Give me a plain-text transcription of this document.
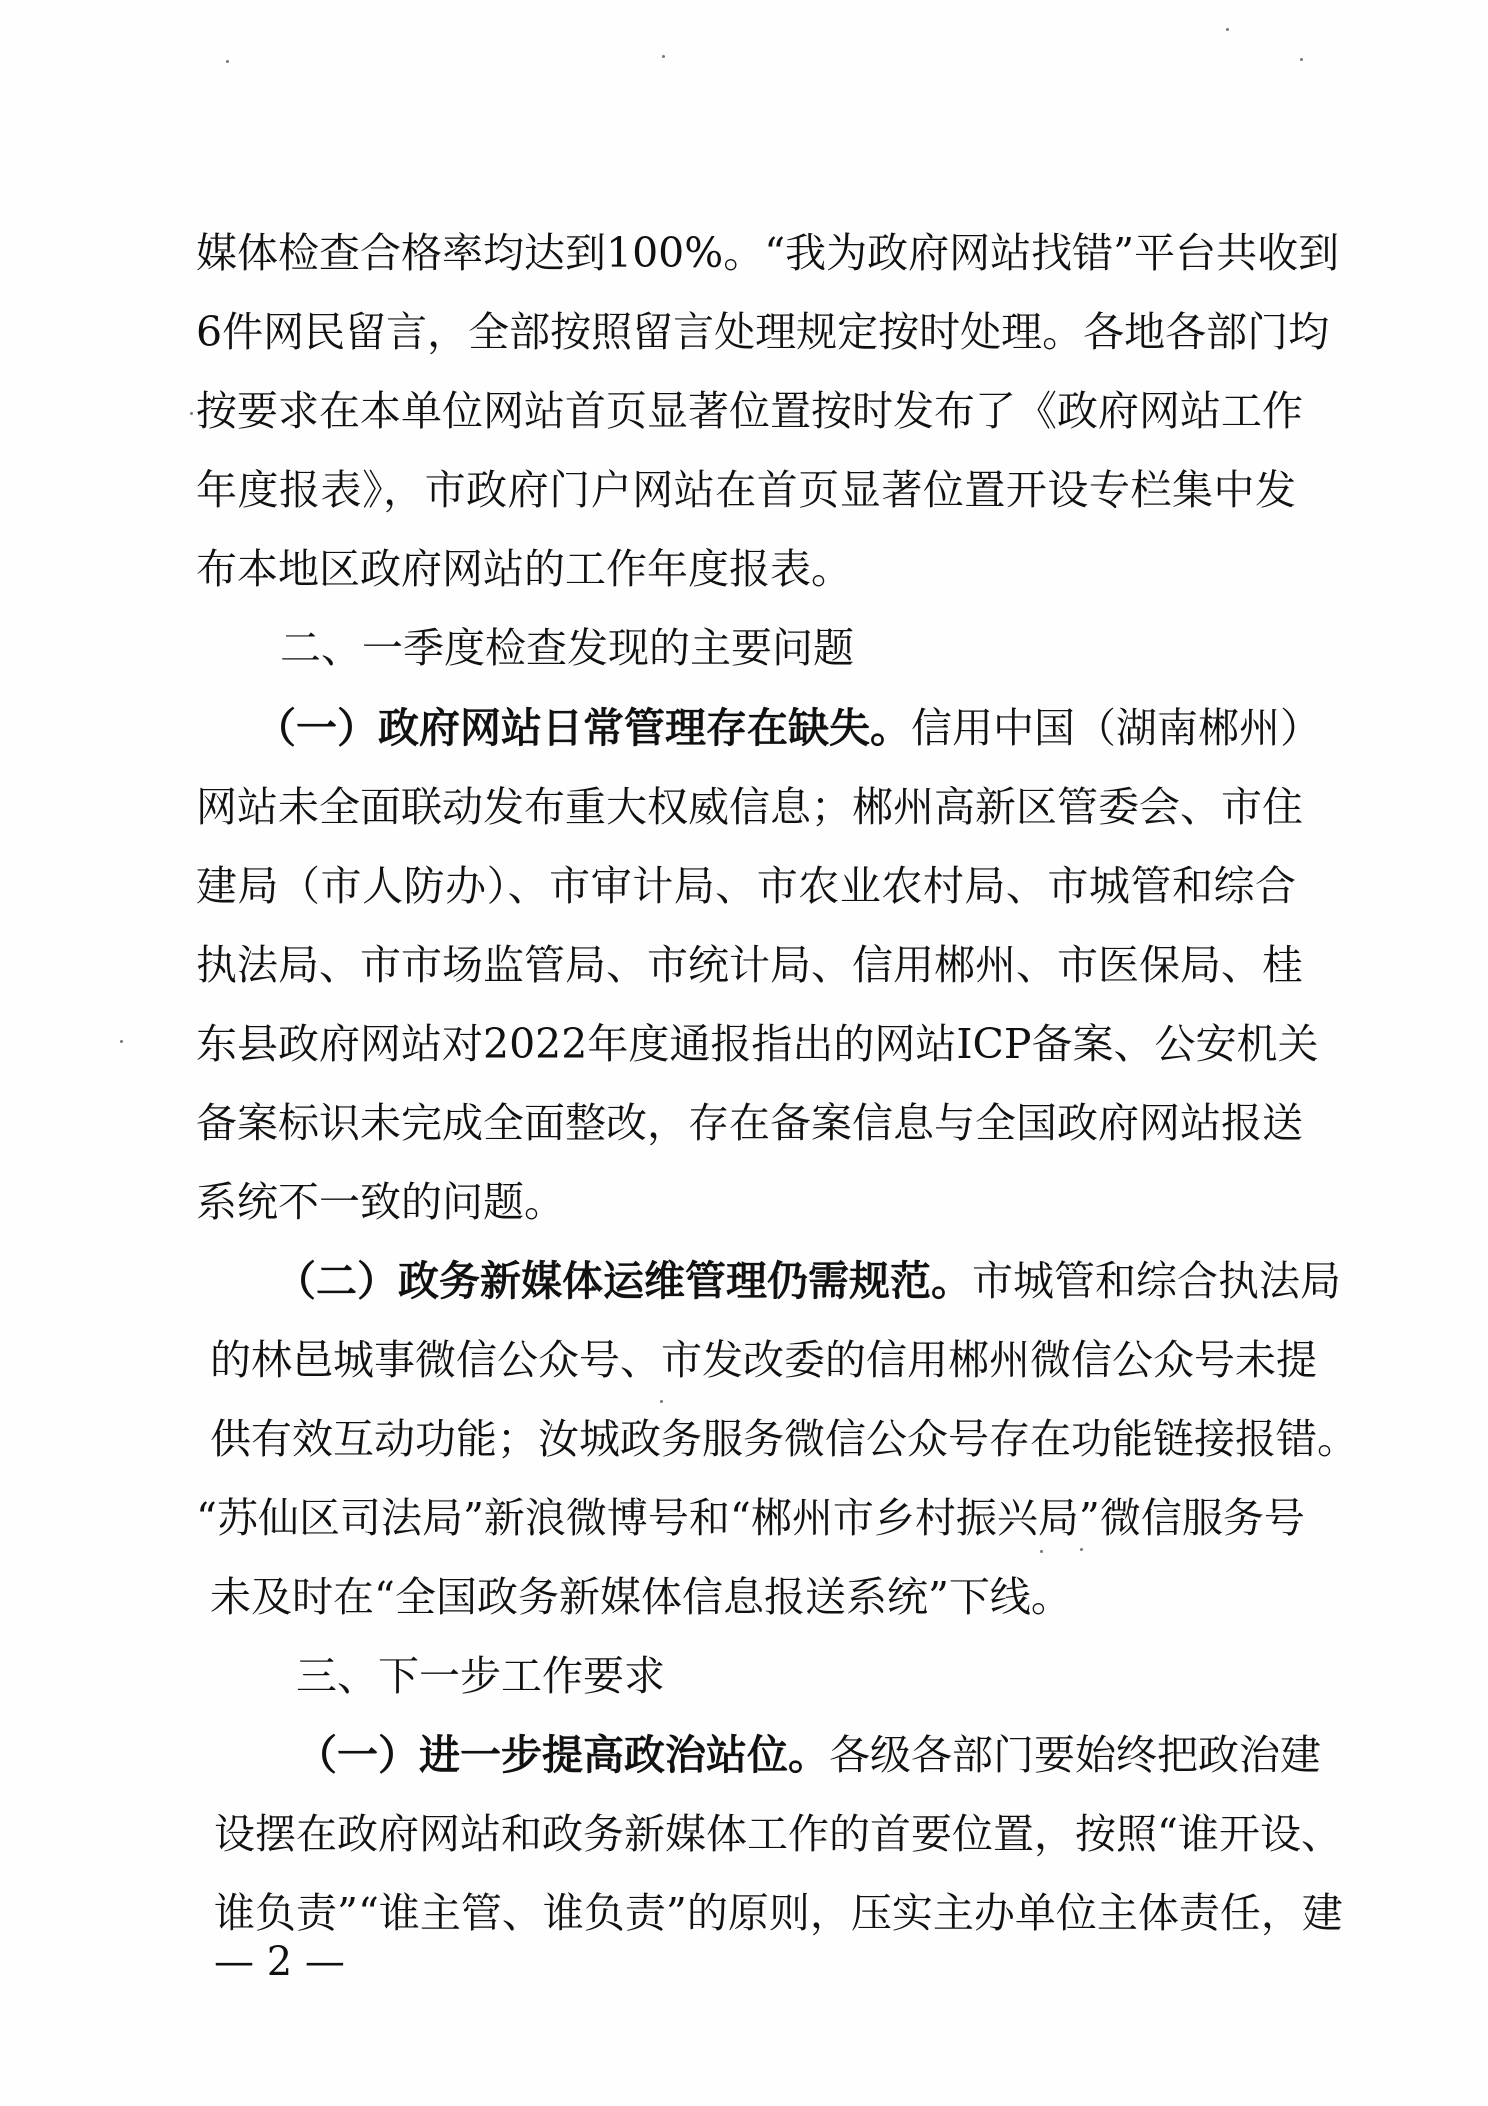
媒体检查合格率均达到100%。“我为政府网站找错”平台共收到
6件网民留言，全部按照留言处理规定按时处理。各地各部门均
按要求在本单位网站首页显著位置按时发布了《政府网站工作
年度报表》，市政府门户网站在首页显著位置开设专栏集中发
布本地区政府网站的工作年度报表。
二、一季度检查发现的主要问题
（一）政府网站日常管理存在缺失。信用中国（湖南郴州）
网站未全面联动发布重大权威信息；郴州高新区管委会、市住
建局（市人防办）、市审计局、市农业农村局、市城管和综合
执法局、市市场监管局、市统计局、信用郴州、市医保局、桂
东县政府网站对2022年度通报指出的网站ICP备案、公安机关
备案标识未完成全面整改，存在备案信息与全国政府网站报送
系统不一致的问题。
（二）政务新媒体运维管理仍需规范。市城管和综合执法局
的林邑城事微信公众号、市发改委的信用郴州微信公众号未提
供有效互动功能；汝城政务服务微信公众号存在功能链接报错。
“苏仙区司法局”新浪微博号和“郴州市乡村振兴局”微信服务号
未及时在“全国政务新媒体信息报送系统”下线。
三、下一步工作要求
（一）进一步提高政治站位。各级各部门要始终把政治建
设摆在政府网站和政务新媒体工作的首要位置，按照“谁开设、
谁负责”“谁主管、谁负责”的原则，压实主办单位主体责任，建
— 2 —
